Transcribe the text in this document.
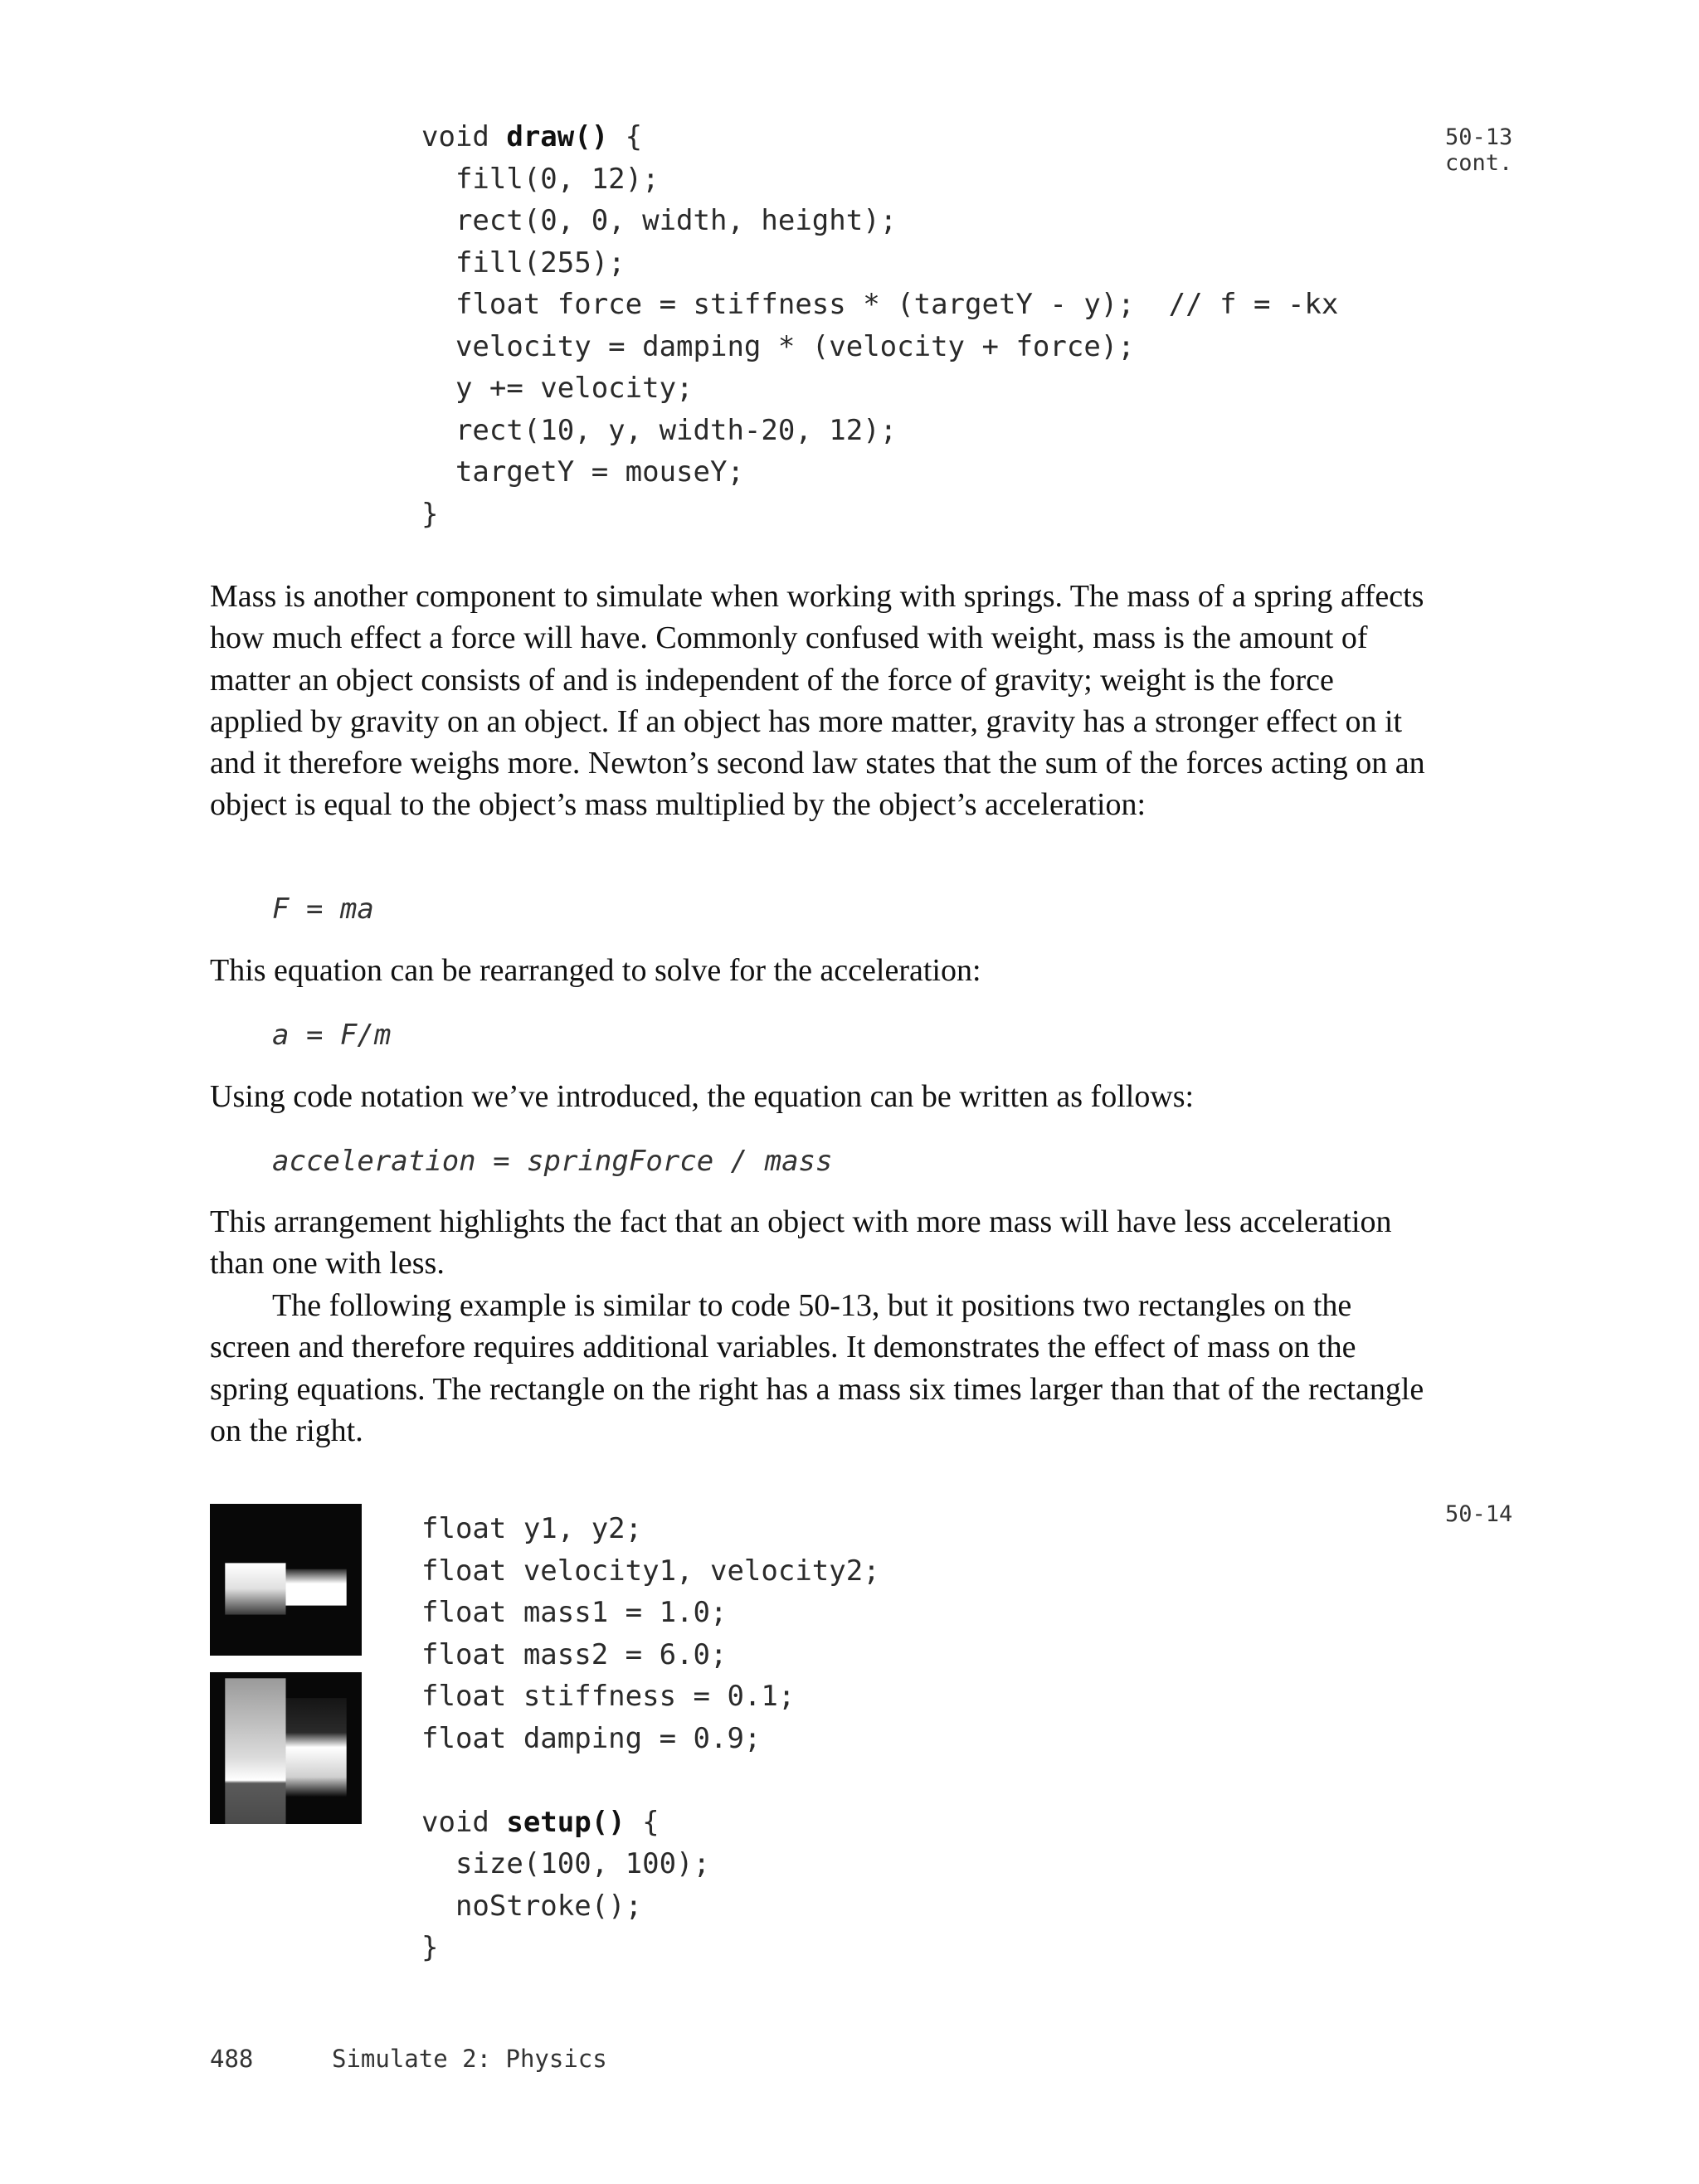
void draw() {
fill(0, 12);
rect(0, 0, width, height);
fill(255);
float force = stiffness * (targetY - y);  // f = -kx
velocity = damping * (velocity + force);
y += velocity;
rect(10, y, width-20, 12);
targetY = mouseY;
}
50-13
cont.

Mass is another component to simulate when working with springs. The mass of a spring affects how much effect a force will have. Commonly confused with weight, mass is the amount of matter an object consists of and is independent of the force of gravity; weight is the force applied by gravity on an object. If an object has more matter, gravity has a stronger effect on it and it therefore weighs more. Newton’s second law states that the sum of the forces acting on an object is equal to the object’s mass multiplied by the object’s acceleration:

F = ma

This equation can be rearranged to solve for the acceleration:

a = F/m

Using code notation we’ve introduced, the equation can be written as follows:

acceleration = springForce / mass

This arrangement highlights the fact that an object with more mass will have less acceleration than one with less.

The following example is similar to code 50-13, but it positions two rectangles on the screen and therefore requires additional variables. It demonstrates the effect of mass on the spring equations. The rectangle on the right has a mass six times larger than that of the rectangle on the right.

float y1, y2;
float velocity1, velocity2;
float mass1 = 1.0;
float mass2 = 6.0;
float stiffness = 0.1;
float damping = 0.9;

void setup() {
size(100, 100);
noStroke();
}
50-14
488	Simulate 2: Physics
